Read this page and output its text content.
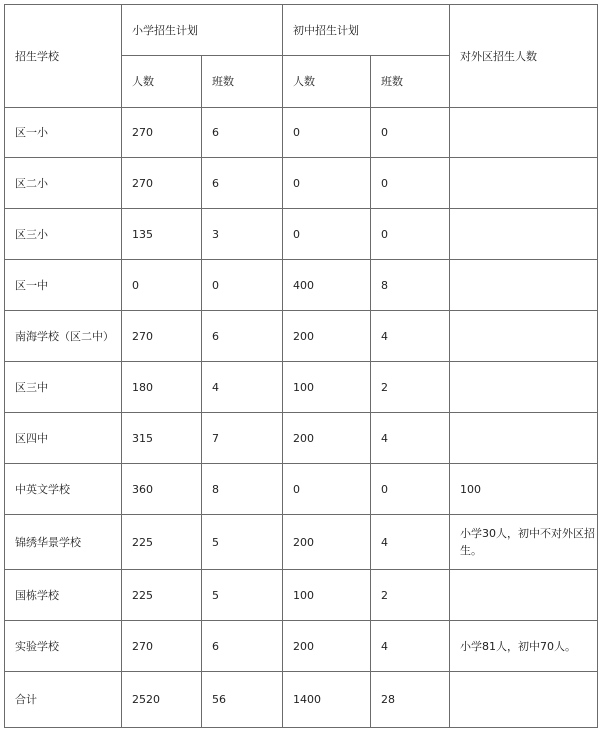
招生学校	小学招生计划		初中招生计划		对外区招生人数
	人数	班数	人数	班数	
区一小	270	6	0	0	
区二小	270	6	0	0	
区三小	135	3	0	0	
区一中	0	0	400	8	
南海学校（区二中）	270	6	200	4	
区三中	180	4	100	2	
区四中	315	7	200	4	
中英文学校	360	8	0	0	100
锦绣华景学校	225	5	200	4	小学30人，初中不对外区招生。
国栋学校	225	5	100	2	
实验学校	270	6	200	4	小学81人，初中70人。
合计	2520	56	1400	28	
